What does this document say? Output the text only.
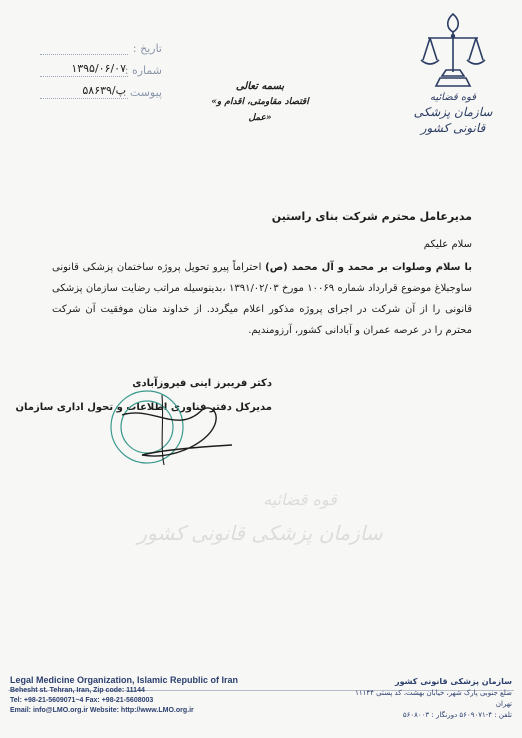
قوه قضائیه
سازمان پزشکی قانونی کشور
بسمه تعالی
«اقتصاد مقاومتی، اقدام و عمل»
تاریخ :
شماره :
۱۳۹۵/۰۶/۰۷
پیوست :
۵۸۶۳۹/پ
مدیرعامل محترم شرکت بنای راستین
سلام علیکم
با سلام وصلوات بر محمد و آل محمد (ص) احتراماً پیرو تحویل پروژه ساختمان پزشکی قانونی ساوجبلاغ موضوع قرارداد شماره ۱۰۰۶۹ مورخ ۱۳۹۱/۰۲/۰۳ ،بدینوسیله مراتب رضایت سازمان پزشکی قانونی را از آن شرکت در اجرای پروژه مذکور اعلام میگردد. از خداوند منان موفقیت آن شرکت محترم را در عرصه عمران و آبادانی کشور، آرزومندیم.
دکتر فریبرز اینی فیروزآبادی
مدیرکل دفتر فناوری اطلاعات و تحول اداری سازمان
قوه قضائیه
سازمان پزشکی قانونی کشور
Legal Medicine Organization, Islamic Republic of Iran
Behesht st. Tehran, Iran, Zip code: 11144
Tel: +98-21-5609071~4 Fax: +98-21-5608003
Email: info@LMO.org.ir Website: http://www.LMO.org.ir
سازمان پزشکی قانونی کشور
ضلع جنوبی پارک شهر، خیابان بهشت، کد پستی ۱۱۱۴۴
تهران
تلفن : ۴-۵۶۰۹۰۷۱ دورنگار : ۵۶۰۸۰۰۳
